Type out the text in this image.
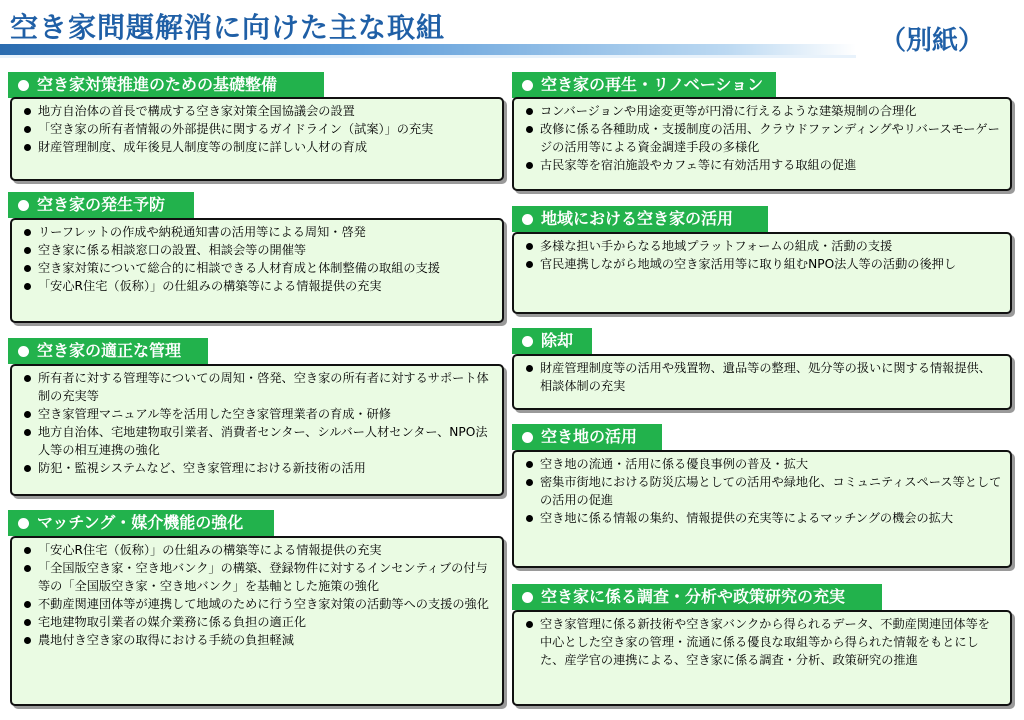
空き家問題解消に向けた主な取組	（別紙）
空き家対策推進のための基礎整備
地方自治体の首長で構成する空き家対策全国協議会の設置
「空き家の所有者情報の外部提供に関するガイドライン（試案）」の充実
財産管理制度、成年後見人制度等の制度に詳しい人材の育成
空き家の発生予防
リーフレットの作成や納税通知書の活用等による周知・啓発
空き家に係る相談窓口の設置、相談会等の開催等
空き家対策について総合的に相談できる人材育成と体制整備の取組の支援
「安心R住宅（仮称）」の仕組みの構築等による情報提供の充実
空き家の適正な管理
所有者に対する管理等についての周知・啓発、空き家の所有者に対するサポート体制の充実等
空き家管理マニュアル等を活用した空き家管理業者の育成・研修
地方自治体、宅地建物取引業者、消費者センター、シルバー人材センター、NPO法人等の相互連携の強化
防犯・監視システムなど、空き家管理における新技術の活用
マッチング・媒介機能の強化
「安心R住宅（仮称）」の仕組みの構築等による情報提供の充実
「全国版空き家・空き地バンク」の構築、登録物件に対するインセンティブの付与等の「全国版空き家・空き地バンク」を基軸とした施策の強化
不動産関連団体等が連携して地域のために行う空き家対策の活動等への支援の強化
宅地建物取引業者の媒介業務に係る負担の適正化
農地付き空き家の取得における手続の負担軽減
空き家の再生・リノベーション
コンバージョンや用途変更等が円滑に行えるような建築規制の合理化
改修に係る各種助成・支援制度の活用、クラウドファンディングやリバースモーゲージの活用等による資金調達手段の多様化
古民家等を宿泊施設やカフェ等に有効活用する取組の促進
地域における空き家の活用
多様な担い手からなる地域プラットフォームの組成・活動の支援
官民連携しながら地域の空き家活用等に取り組むNPO法人等の活動の後押し
除却
財産管理制度等の活用や残置物、遺品等の整理、処分等の扱いに関する情報提供、相談体制の充実
空き地の活用
空き地の流通・活用に係る優良事例の普及・拡大
密集市街地における防災広場としての活用や緑地化、コミュニティスペース等としての活用の促進
空き地に係る情報の集約、情報提供の充実等によるマッチングの機会の拡大
空き家に係る調査・分析や政策研究の充実
空き家管理に係る新技術や空き家バンクから得られるデータ、不動産関連団体等を中心とした空き家の管理・流通に係る優良な取組等から得られた情報をもとにした、産学官の連携による、空き家に係る調査・分析、政策研究の推進
